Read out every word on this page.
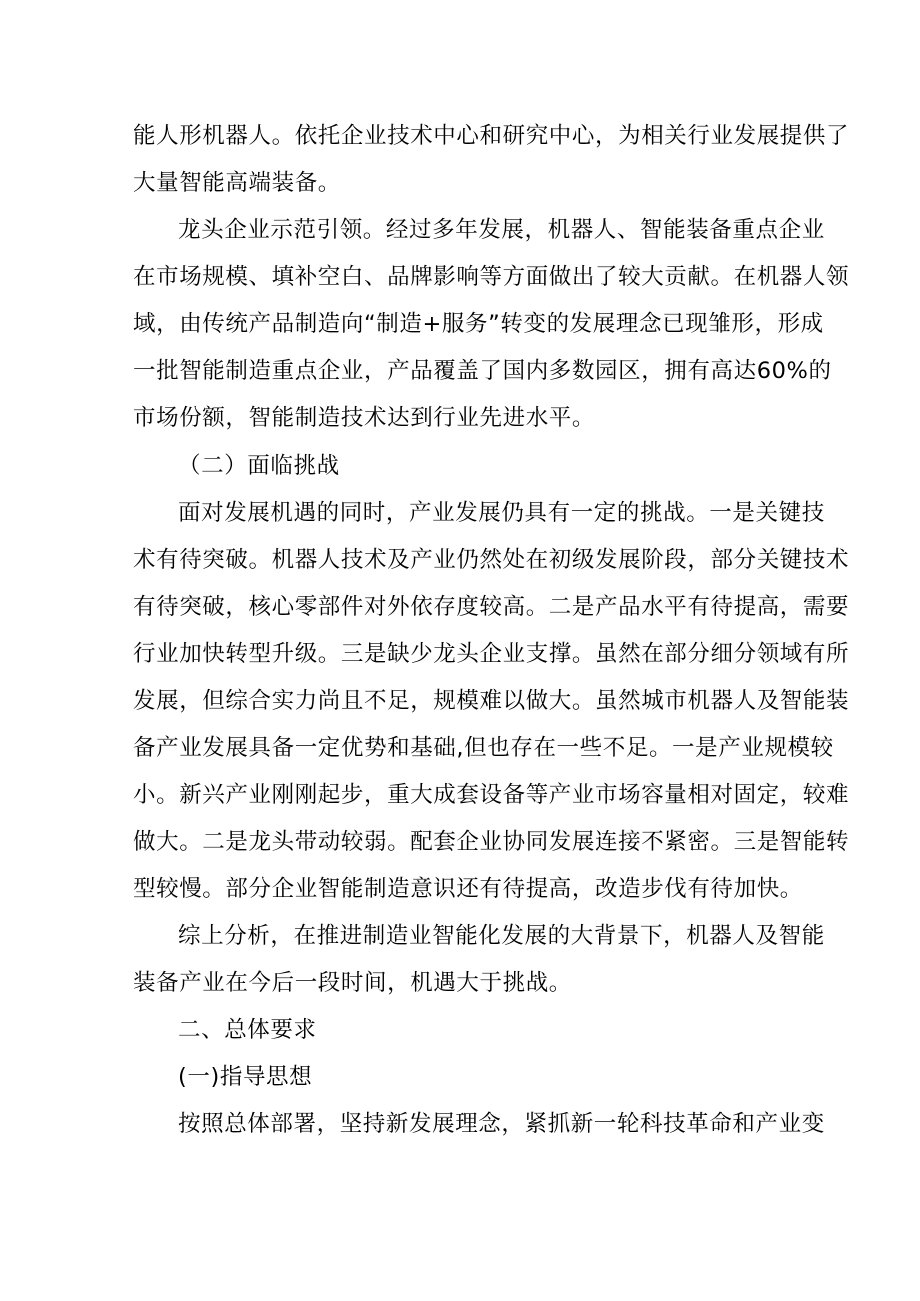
能人形机器人。依托企业技术中心和研究中心，为相关行业发展提供了
大量智能高端装备。
龙头企业示范引领。经过多年发展，机器人、智能装备重点企业
在市场规模、填补空白、品牌影响等方面做出了较大贡献。在机器人领
域，由传统产品制造向“制造+服务”转变的发展理念已现雏形，形成
一批智能制造重点企业，产品覆盖了国内多数园区，拥有高达60%的
市场份额，智能制造技术达到行业先进水平。
（二）面临挑战
面对发展机遇的同时，产业发展仍具有一定的挑战。一是关键技
术有待突破。机器人技术及产业仍然处在初级发展阶段，部分关键技术
有待突破，核心零部件对外依存度较高。二是产品水平有待提高，需要
行业加快转型升级。三是缺少龙头企业支撑。虽然在部分细分领域有所
发展，但综合实力尚且不足，规模难以做大。虽然城市机器人及智能装
备产业发展具备一定优势和基础,但也存在一些不足。一是产业规模较
小。新兴产业刚刚起步，重大成套设备等产业市场容量相对固定，较难
做大。二是龙头带动较弱。配套企业协同发展连接不紧密。三是智能转
型较慢。部分企业智能制造意识还有待提高，改造步伐有待加快。
综上分析，在推进制造业智能化发展的大背景下，机器人及智能
装备产业在今后一段时间，机遇大于挑战。
二、总体要求
(一)指导思想
按照总体部署，坚持新发展理念，紧抓新一轮科技革命和产业变
